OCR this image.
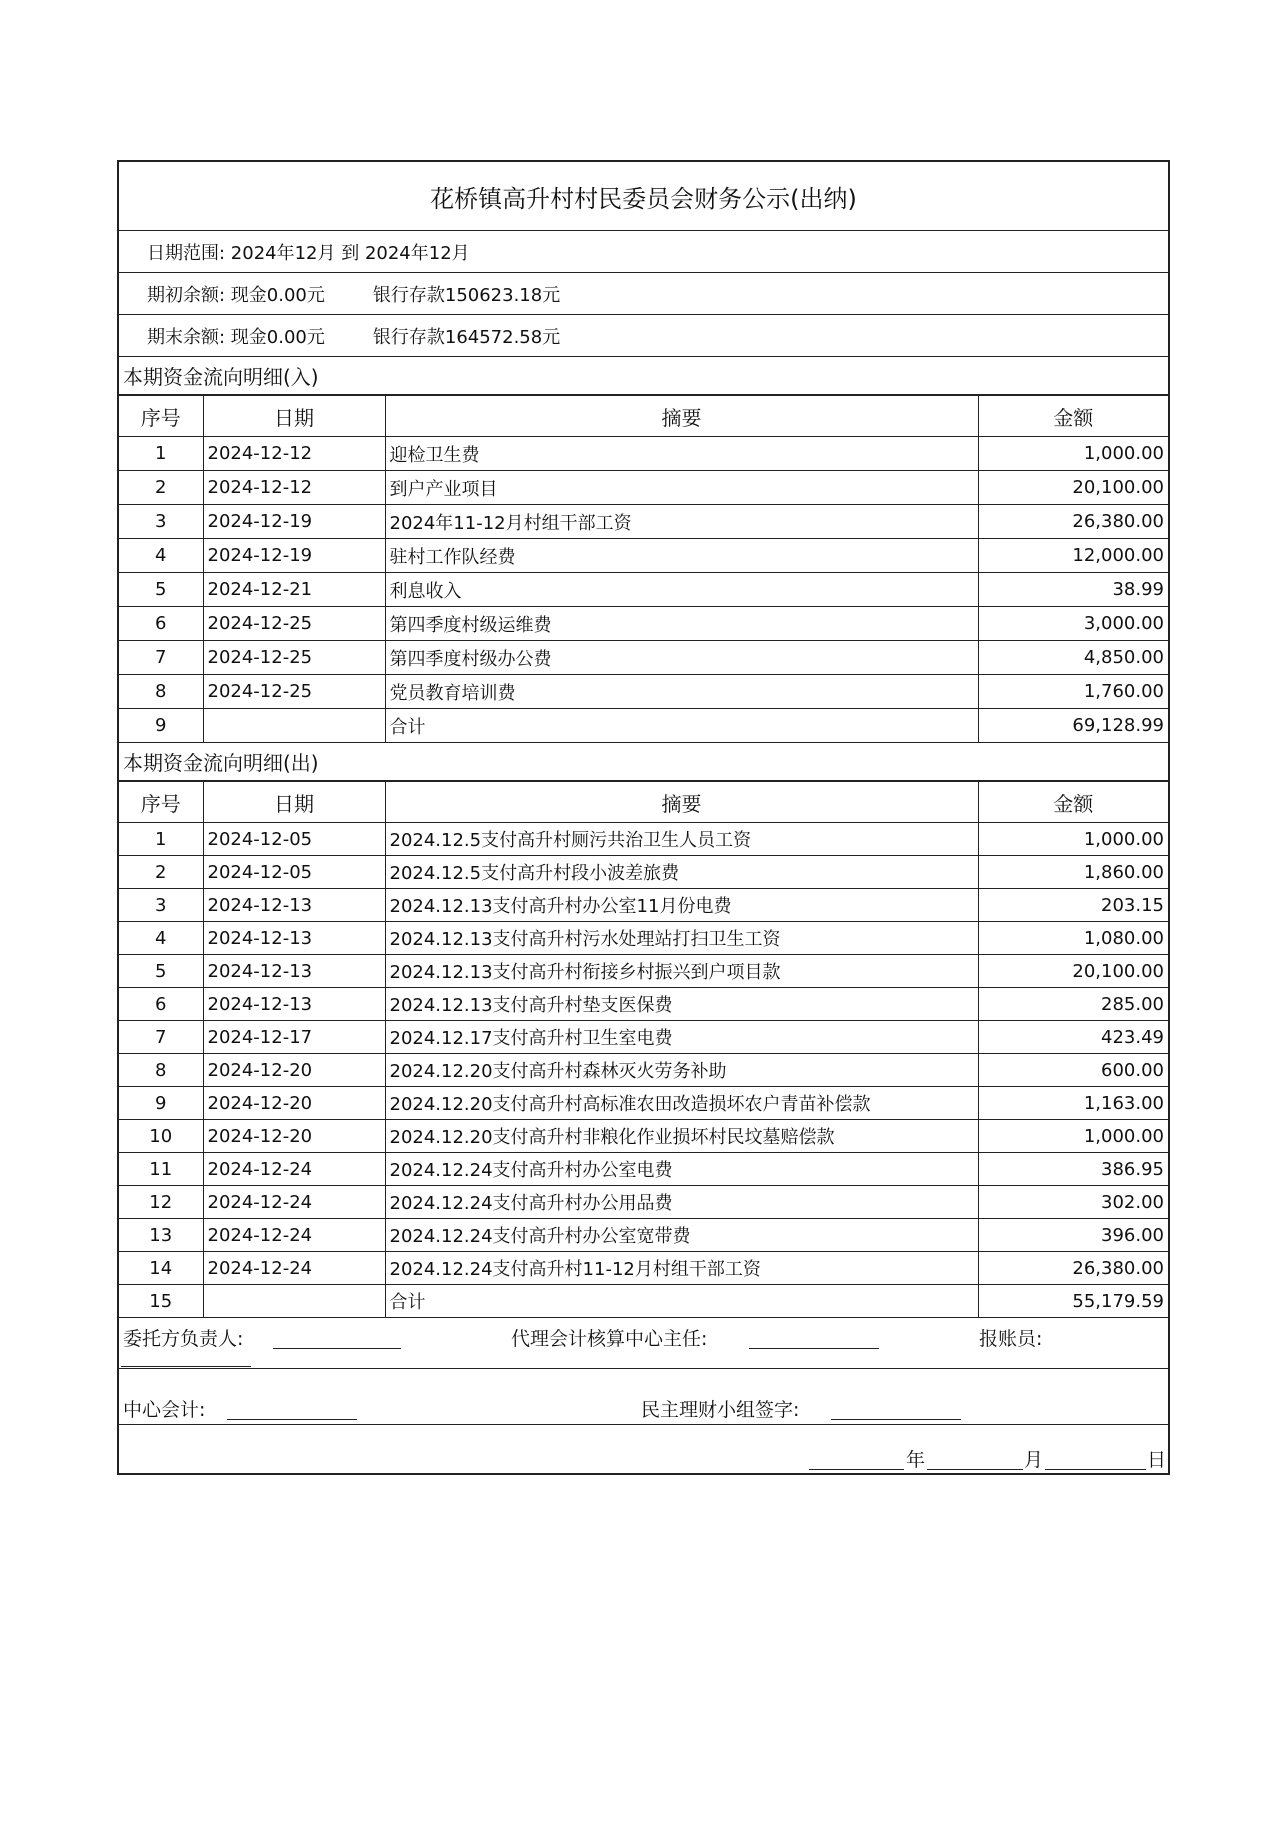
花桥镇高升村村民委员会财务公示(出纳)
日期范围: 2024年12月 到 2024年12月
期初余额: 现金0.00元	银行存款150623.18元
期末余额: 现金0.00元	银行存款164572.58元
本期资金流向明细(入)
序号	日期	摘要	金额
1	2024-12-12	迎检卫生费	1,000.00
2	2024-12-12	到户产业项目	20,100.00
3	2024-12-19	2024年11-12月村组干部工资	26,380.00
4	2024-12-19	驻村工作队经费	12,000.00
5	2024-12-21	利息收入	38.99
6	2024-12-25	第四季度村级运维费	3,000.00
7	2024-12-25	第四季度村级办公费	4,850.00
8	2024-12-25	党员教育培训费	1,760.00
9		合计	69,128.99
本期资金流向明细(出)
序号	日期	摘要	金额
1	2024-12-05	2024.12.5支付高升村厕污共治卫生人员工资	1,000.00
2	2024-12-05	2024.12.5支付高升村段小波差旅费	1,860.00
3	2024-12-13	2024.12.13支付高升村办公室11月份电费	203.15
4	2024-12-13	2024.12.13支付高升村污水处理站打扫卫生工资	1,080.00
5	2024-12-13	2024.12.13支付高升村衔接乡村振兴到户项目款	20,100.00
6	2024-12-13	2024.12.13支付高升村垫支医保费	285.00
7	2024-12-17	2024.12.17支付高升村卫生室电费	423.49
8	2024-12-20	2024.12.20支付高升村森林灭火劳务补助	600.00
9	2024-12-20	2024.12.20支付高升村高标准农田改造损坏农户青苗补偿款	1,163.00
10	2024-12-20	2024.12.20支付高升村非粮化作业损坏村民坟墓赔偿款	1,000.00
11	2024-12-24	2024.12.24支付高升村办公室电费	386.95
12	2024-12-24	2024.12.24支付高升村办公用品费	302.00
13	2024-12-24	2024.12.24支付高升村办公室宽带费	396.00
14	2024-12-24	2024.12.24支付高升村11-12月村组干部工资	26,380.00
15		合计	55,179.59
委托方负责人:	代理会计核算中心主任:	报账员:
中心会计:	民主理财小组签字:
年	月	日
